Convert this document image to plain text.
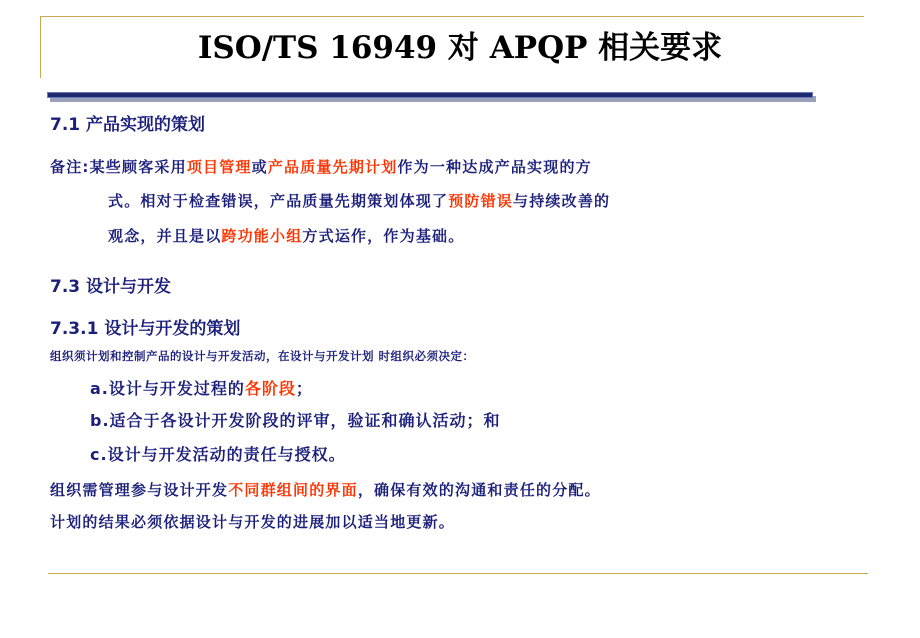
ISO/TS 16949 对 APQP 相关要求
7.1 产品实现的策划
备注:某些顾客采用项目管理或产品质量先期计划作为一种达成产品实现的方
式。相对于检查错误，产品质量先期策划体现了预防错误与持续改善的
观念，并且是以跨功能小组方式运作，作为基础。
7.3 设计与开发
7.3.1 设计与开发的策划
组织须计划和控制产品的设计与开发活动，在设计与开发计划 时组织必须决定：
a.设计与开发过程的各阶段；
b.适合于各设计开发阶段的评审，验证和确认活动；和
c.设计与开发活动的责任与授权。
组织需管理参与设计开发不同群组间的界面，确保有效的沟通和责任的分配。
计划的结果必须依据设计与开发的进展加以适当地更新。
